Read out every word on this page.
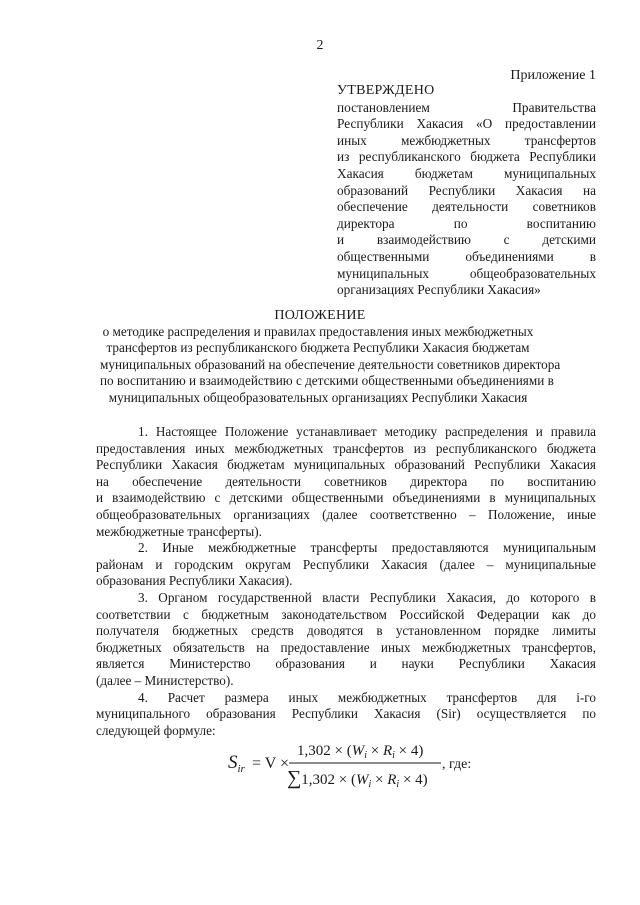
2
Приложение 1
УТВЕРЖДЕНО
постановлением Правительства
Республики Хакасия «О предоставлении
иных межбюджетных трансфертов
из республиканского бюджета Республики
Хакасия бюджетам муниципальных
образований Республики Хакасия на
обеспечение деятельности советников
директора по воспитанию
и взаимодействию с детскими
общественными объединениями в
муниципальных общеобразовательных
организациях Республики Хакасия»
ПОЛОЖЕНИЕ
о методике распределения и правилах предоставления иных межбюджетных
трансфертов из республиканского бюджета Республики Хакасия бюджетам
муниципальных образований на обеспечение деятельности советников директора
по воспитанию и взаимодействию с детскими общественными объединениями в
муниципальных общеобразовательных организациях Республики Хакасия
1. Настоящее Положение устанавливает методику распределения и правила
предоставления иных межбюджетных трансфертов из республиканского бюджета
Республики Хакасия бюджетам муниципальных образований Республики Хакасия
на обеспечение деятельности советников директора по воспитанию
и взаимодействию с детскими общественными объединениями в муниципальных
общеобразовательных организациях (далее соответственно – Положение, иные
межбюджетные трансферты).
2. Иные межбюджетные трансферты предоставляются муниципальным
районам и городским округам Республики Хакасия (далее – муниципальные
образования Республики Хакасия).
3. Органом государственной власти Республики Хакасия, до которого в
соответствии с бюджетным законодательством Российской Федерации как до
получателя бюджетных средств доводятся в установленном порядке лимиты
бюджетных обязательств на предоставление иных межбюджетных трансфертов,
является Министерство образования и науки Республики Хакасия
(далее – Министерство).
4. Расчет размера иных межбюджетных трансфертов для i-го
муниципального образования Республики Хакасия (Sir) осуществляется по
следующей формуле:
$S_{ir} = V$ ×
$1,302 \times (W_i \times R_i \times 4)$
$\sum 1,302 \times (W_i \times R_i \times 4)$
, где:
